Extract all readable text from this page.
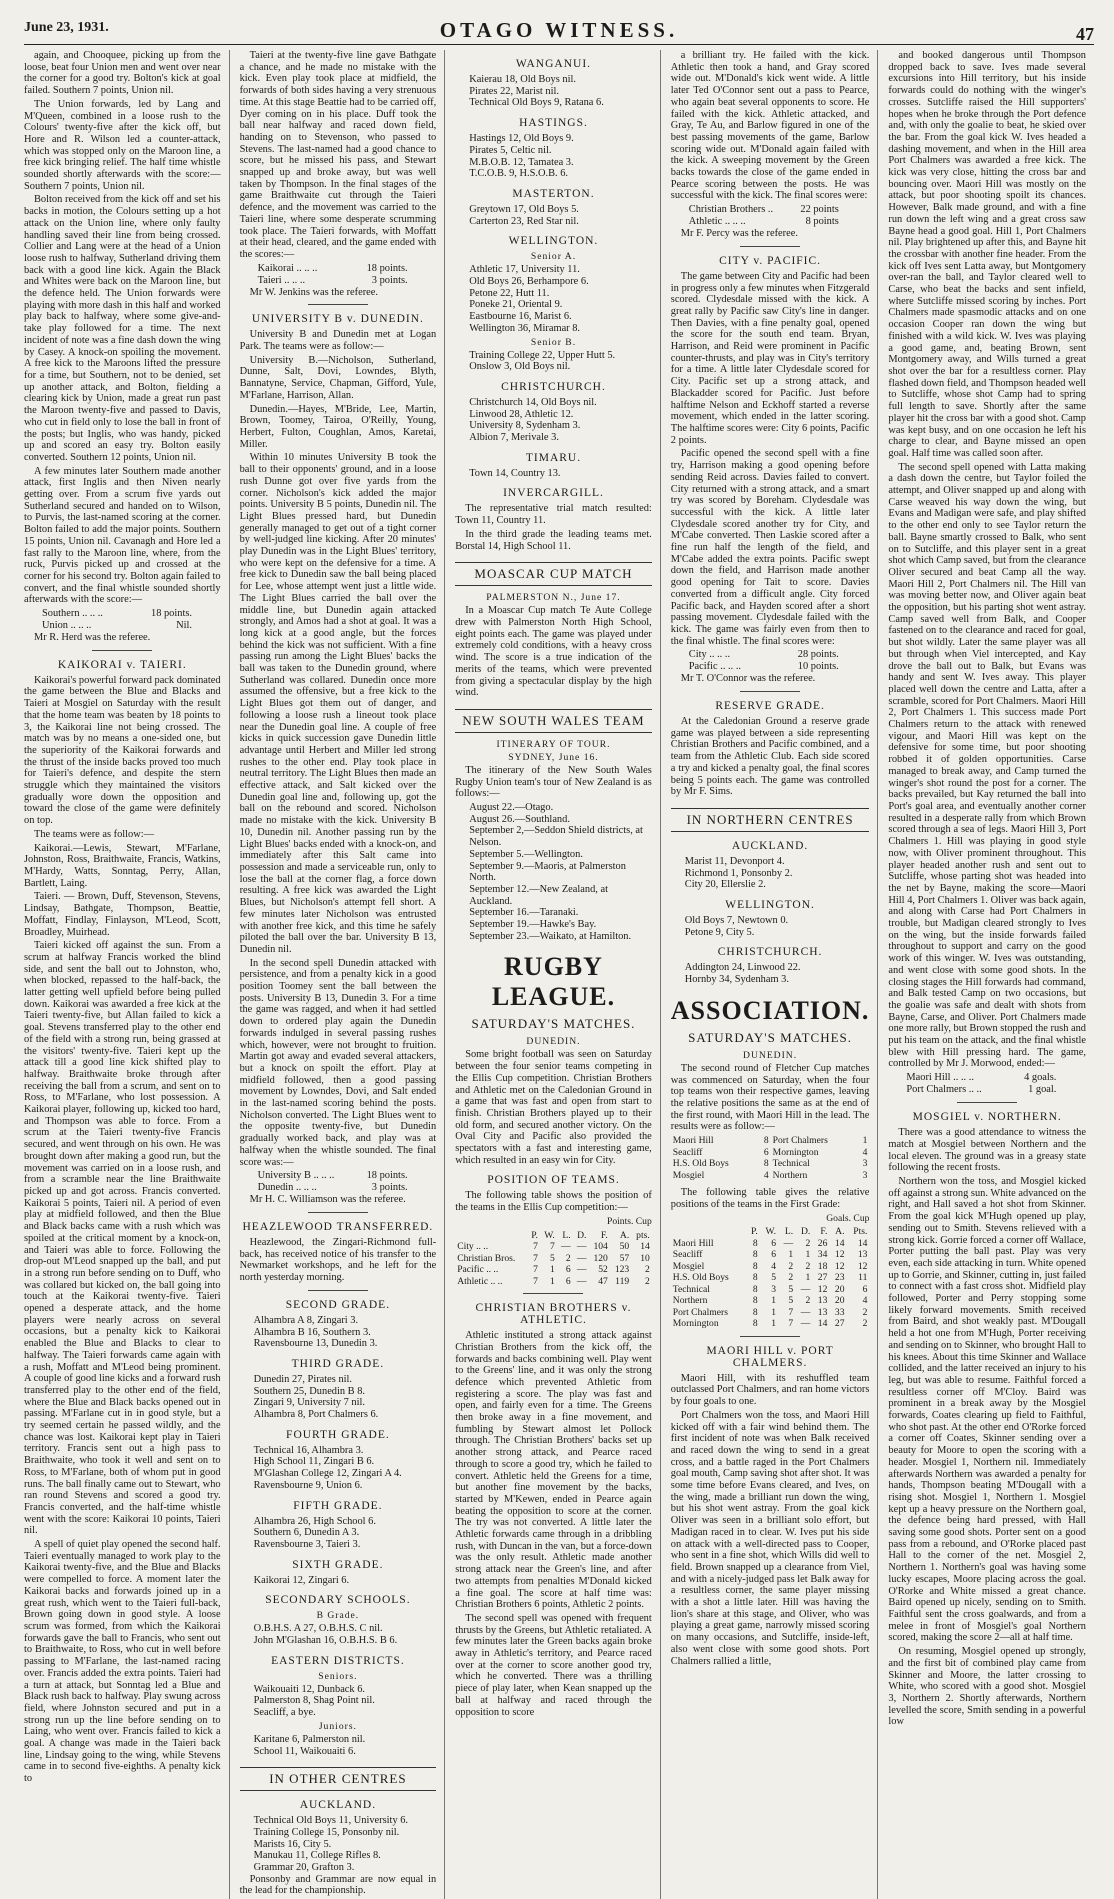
June 23, 1931.	OTAGO WITNESS.	47

again, and Chooquee, picking up from the loose, beat four Union men and went over near the corner for a good try. Bolton's kick at goal failed. Southern 7 points, Union nil.

The Union forwards, led by Lang and M'Queen, combined in a loose rush to the Colours' twenty-five after the kick off, but Hore and R. Wilson led a counter-attack, which was stopped only on the Maroon line, a free kick bringing relief. The half time whistle sounded shortly afterwards with the score:—Southern 7 points, Union nil.

Bolton received from the kick off and set his backs in motion, the Colours setting up a hot attack on the Union line, where only faulty handling saved their line from being crossed. Collier and Lang were at the head of a Union loose rush to halfway, Sutherland driving them back with a good line kick. Again the Black and Whites were back on the Maroon line, but the defence held. The Union forwards were playing with more dash in this half and worked play back to halfway, where some give-and-take play followed for a time. The next incident of note was a fine dash down the wing by Casey. A knock-on spoiling the movement. A free kick to the Maroons lifted the pressure for a time, but Southern, not to be denied, set up another attack, and Bolton, fielding a clearing kick by Union, made a great run past the Maroon twenty-five and passed to Davis, who cut in field only to lose the ball in front of the posts; but Inglis, who was handy, picked up and scored an easy try. Bolton easily converted. Southern 12 points, Union nil.

A few minutes later Southern made another attack, first Inglis and then Niven nearly getting over. From a scrum five yards out Sutherland secured and handed on to Wilson, to Purvis, the last-named scoring at the corner. Bolton failed to add the major points. Southern 15 points, Union nil. Cavanagh and Hore led a fast rally to the Maroon line, where, from the ruck, Purvis picked up and crossed at the corner for his second try. Bolton again failed to convert, and the final whistle sounded shortly afterwards with the score:—

Southern .. .. ..	18 points.
Union .. .. ..	Nil.

Mr R. Herd was the referee.

KAIKORAI v. TAIERI.

Kaikorai's powerful forward pack dominated the game between the Blue and Blacks and Taieri at Mosgiel on Saturday with the result that the home team was beaten by 18 points to 3, the Kaikorai line not being crossed. The match was by no means a one-sided one, but the superiority of the Kaikorai forwards and the thrust of the inside backs proved too much for Taieri's defence, and despite the stern struggle which they maintained the visitors gradually wore down the opposition and toward the close of the game were definitely on top.

The teams were as follow:—

Kaikorai.—Lewis, Stewart, M'Farlane, Johnston, Ross, Braithwaite, Francis, Watkins, M'Hardy, Watts, Sonntag, Perry, Allan, Bartlett, Laing.

Taieri. — Brown, Duff, Stevenson, Stevens, Lindsay, Bathgate, Thompson, Beattie, Moffatt, Findlay, Finlayson, M'Leod, Scott, Broadley, Muirhead.

Taieri kicked off against the sun. From a scrum at halfway Francis worked the blind side, and sent the ball out to Johnston, who, when blocked, repassed to the half-back, the latter getting well upfield before being pulled down. Kaikorai was awarded a free kick at the Taieri twenty-five, but Allan failed to kick a goal. Stevens transferred play to the other end of the field with a strong run, being grassed at the visitors' twenty-five. Taieri kept up the attack till a good line kick shifted play to halfway. Braithwaite broke through after receiving the ball from a scrum, and sent on to Ross, to M'Farlane, who lost possession. A Kaikorai player, following up, kicked too hard, and Thompson was able to force. From a scrum at the Taieri twenty-five Francis secured, and went through on his own. He was brought down after making a good run, but the movement was carried on in a loose rush, and from a scramble near the line Braithwaite picked up and got across. Francis converted. Kaikorai 5 points, Taieri nil. A period of even play at midfield followed, and then the Blue and Black backs came with a rush which was spoiled at the critical moment by a knock-on, and Taieri was able to force. Following the drop-out M'Leod snapped up the ball, and put in a strong run before sending on to Duff, who was collared but kicked on, the ball going into touch at the Kaikorai twenty-five. Taieri opened a desperate attack, and the home players were nearly across on several occasions, but a penalty kick to Kaikorai enabled the Blue and Blacks to clear to halfway. The Taieri forwards came again with a rush, Moffatt and M'Leod being prominent. A couple of good line kicks and a forward rush transferred play to the other end of the field, where the Blue and Black backs opened out in passing. M'Farlane cut in in good style, but a try seemed certain he passed wildly, and the chance was lost. Kaikorai kept play in Taieri territory. Francis sent out a high pass to Braithwaite, who took it well and sent on to Ross, to M'Farlane, both of whom put in good runs. The ball finally came out to Stewart, who ran round Stevens and scored a good try. Francis converted, and the half-time whistle went with the score: Kaikorai 10 points, Taieri nil.

A spell of quiet play opened the second half. Taieri eventually managed to work play to the Kaikorai twenty-five, and the Blue and Blacks were compelled to force. A moment later the Kaikorai backs and forwards joined up in a great rush, which went to the Taieri full-back, Brown going down in good style. A loose scrum was formed, from which the Kaikorai forwards gave the ball to Francis, who sent out to Braithwaite, to Ross, who cut in well before passing to M'Farlane, the last-named racing over. Francis added the extra points. Taieri had a turn at attack, but Sonntag led a Blue and Black rush back to halfway. Play swung across field, where Johnston secured and put in a strong run up the line before sending on to Laing, who went over. Francis failed to kick a goal. A change was made in the Taieri back line, Lindsay going to the wing, while Stevens came in to second five-eighths. A penalty kick to

Taieri at the twenty-five line gave Bathgate a chance, and he made no mistake with the kick. Even play took place at midfield, the forwards of both sides having a very strenuous time. At this stage Beattie had to be carried off, Dyer coming on in his place. Duff took the ball near halfway and raced down field, handing on to Stevenson, who passed to Stevens. The last-named had a good chance to score, but he missed his pass, and Stewart snapped up and broke away, but was well taken by Thompson. In the final stages of the game Braithwaite cut through the Taieri defence, and the movement was carried to the Taieri line, where some desperate scrumming took place. The Taieri forwards, with Moffatt at their head, cleared, and the game ended with the scores:—

Kaikorai .. .. ..	18 points.
Taieri .. .. ..	3 points.

Mr W. Jenkins was the referee.

UNIVERSITY B v. DUNEDIN.

University B and Dunedin met at Logan Park. The teams were as follow:—

University B.—Nicholson, Sutherland, Dunne, Salt, Dovi, Lowndes, Blyth, Bannatyne, Service, Chapman, Gifford, Yule, M'Farlane, Harrison, Allan.

Dunedin.—Hayes, M'Bride, Lee, Martin, Brown, Toomey, Tairoa, O'Reilly, Young, Herbert, Fulton, Coughlan, Amos, Karetai, Miller.

Within 10 minutes University B took the ball to their opponents' ground, and in a loose rush Dunne got over five yards from the corner. Nicholson's kick added the major points. University B 5 points, Dunedin nil. The Light Blues pressed hard, but Dunedin generally managed to get out of a tight corner by well-judged line kicking. After 20 minutes' play Dunedin was in the Light Blues' territory, who were kept on the defensive for a time. A free kick to Dunedin saw the ball being placed for Lee, whose attempt went just a little wide. The Light Blues carried the ball over the middle line, but Dunedin again attacked strongly, and Amos had a shot at goal. It was a long kick at a good angle, but the forces behind the kick was not sufficient. With a fine passing run among the Light Blues' backs the ball was taken to the Dunedin ground, where Sutherland was collared. Dunedin once more assumed the offensive, but a free kick to the Light Blues got them out of danger, and following a loose rush a lineout took place near the Dunedin goal line. A couple of free kicks in quick succession gave Dunedin little advantage until Herbert and Miller led strong rushes to the other end. Play took place in neutral territory. The Light Blues then made an effective attack, and Salt kicked over the Dunedin goal line and, following up, got the ball on the rebound and scored. Nicholson made no mistake with the kick. University B 10, Dunedin nil. Another passing run by the Light Blues' backs ended with a knock-on, and immediately after this Salt came into possession and made a serviceable run, only to lose the ball at the corner flag, a force down resulting. A free kick was awarded the Light Blues, but Nicholson's attempt fell short. A few minutes later Nicholson was entrusted with another free kick, and this time he safely piloted the ball over the bar. University B 13, Dunedin nil.

In the second spell Dunedin attacked with persistence, and from a penalty kick in a good position Toomey sent the ball between the posts. University B 13, Dunedin 3. For a time the game was ragged, and when it had settled down to ordered play again the Dunedin forwards indulged in several passing rushes which, however, were not brought to fruition. Martin got away and evaded several attackers, but a knock on spoilt the effort. Play at midfield followed, then a good passing movement by Lowndes, Dovi, and Salt ended in the last-named scoring behind the posts. Nicholson converted. The Light Blues went to the opposite twenty-five, but Dunedin gradually worked back, and play was at halfway when the whistle sounded. The final score was:—

University B .. .. ..	18 points.
Dunedin .. .. ..	3 points.

Mr H. C. Williamson was the referee.

HEAZLEWOOD TRANSFERRED.

Heazlewood, the Zingari-Richmond full-back, has received notice of his transfer to the Newmarket workshops, and he left for the north yesterday morning.

SECOND GRADE.
Alhambra A 8, Zingari 3.
Alhambra B 16, Southern 3.
Ravensbourne 13, Dunedin 3.
THIRD GRADE.
Dunedin 27, Pirates nil.
Southern 25, Dunedin B 8.
Zingari 9, University 7 nil.
Alhambra 8, Port Chalmers 6.
FOURTH GRADE.
Technical 16, Alhambra 3.
High School 11, Zingari B 6.
M'Glashan College 12, Zingari A 4.
Ravensbourne 9, Union 6.
FIFTH GRADE.
Alhambra 26, High School 6.
Southern 6, Dunedin A 3.
Ravensbourne 3, Taieri 3.
SIXTH GRADE.
Kaikorai 12, Zingari 6.
SECONDARY SCHOOLS.
B Grade.
O.B.H.S. A 27, O.B.H.S. C nil.
John M'Glashan 16, O.B.H.S. B 6.
EASTERN DISTRICTS.
Seniors.
Waikouaiti 12, Dunback 6.
Palmerston 8, Shag Point nil.
Seacliff, a bye.
Juniors.
Karitane 6, Palmerston nil.
School 11, Waikouaiti 6.
IN OTHER CENTRES
AUCKLAND.
Technical Old Boys 11, University 6.
Training College 15, Ponsonby nil.
Marists 16, City 5.
Manukau 11, College Rifles 8.
Grammar 20, Grafton 3.

Ponsonby and Grammar are now equal in the lead for the championship.

WANGANUI.
Kaierau 18, Old Boys nil.
Pirates 22, Marist nil.
Technical Old Boys 9, Ratana 6.
HASTINGS.
Hastings 12, Old Boys 9.
Pirates 5, Celtic nil.
M.B.O.B. 12, Tamatea 3.
T.C.O.B. 9, H.S.O.B. 6.
MASTERTON.
Greytown 17, Old Boys 5.
Carterton 23, Red Star nil.
WELLINGTON.
Senior A.
Athletic 17, University 11.
Old Boys 26, Berhampore 6.
Petone 22, Hutt 11.
Poneke 21, Oriental 9.
Eastbourne 16, Marist 6.
Wellington 36, Miramar 8.
Senior B.
Training College 22, Upper Hutt 5.
Onslow 3, Old Boys nil.
CHRISTCHURCH.
Christchurch 14, Old Boys nil.
Linwood 28, Athletic 12.
University 8, Sydenham 3.
Albion 7, Merivale 3.
TIMARU.
Town 14, Country 13.
INVERCARGILL.

The representative trial match resulted: Town 11, Country 11.

In the third grade the leading teams met. Borstal 14, High School 11.

MOASCAR CUP MATCH
PALMERSTON N., June 17.

In a Moascar Cup match Te Aute College drew with Palmerston North High School, eight points each. The game was played under extremely cold conditions, with a heavy cross wind. The score is a true indication of the merits of the teams, which were prevented from giving a spectacular display by the high wind.

NEW SOUTH WALES TEAM
ITINERARY OF TOUR.
SYDNEY, June 16.

The itinerary of the New South Wales Rugby Union team's tour of New Zealand is as follows:—

August 22.—Otago.
August 26.—Southland.
September 2,—Seddon Shield districts, at Nelson.
September 5.—Wellington.
September 9.—Maoris, at Palmerston North.
September 12.—New Zealand, at Auckland.
September 16.—Taranaki.
September 19.—Hawke's Bay.
September 23.—Waikato, at Hamilton.
RUGBY LEAGUE.
SATURDAY'S MATCHES.
DUNEDIN.

Some bright football was seen on Saturday between the four senior teams competing in the Ellis Cup competition. Christian Brothers and Athletic met on the Caledonian Ground in a game that was fast and open from start to finish. Christian Brothers played up to their old form, and secured another victory. On the Oval City and Pacific also provided the spectators with a fast and interesting game, which resulted in an easy win for City.

POSITION OF TEAMS.

The following table shows the position of the teams in the Ellis Cup competition:—

Points. Cup
	P.	W.	L.	D.	F.	A.	pts.
City .. ..	7	7	—	—	104	50	14
Christian Bros.	7	5	2	—	120	57	10
Pacific .. ..	7	1	6	—	52	123	2
Athletic .. ..	7	1	6	—	47	119	2
CHRISTIAN BROTHERS v. ATHLETIC.

Athletic instituted a strong attack against Christian Brothers from the kick off, the forwards and backs combining well. Play went to the Greens' line, and it was only the strong defence which prevented Athletic from registering a score. The play was fast and open, and fairly even for a time. The Greens then broke away in a fine movement, and fumbling by Stewart almost let Pollock through. The Christian Brothers' backs set up another strong attack, and Pearce raced through to score a good try, which he failed to convert. Athletic held the Greens for a time, but another fine movement by the backs, started by M'Kewen, ended in Pearce again beating the opposition to score at the corner. The try was not converted. A little later the Athletic forwards came through in a dribbling rush, with Duncan in the van, but a force-down was the only result. Athletic made another strong attack near the Green's line, and after two attempts from penalties M'Donald kicked a fine goal. The score at half time was: Christian Brothers 6 points, Athletic 2 points.

The second spell was opened with frequent thrusts by the Greens, but Athletic retaliated. A few minutes later the Green backs again broke away in Athletic's territory, and Pearce raced over at the corner to score another good try, which he converted. There was a thrilling piece of play later, when Kean snapped up the ball at halfway and raced through the opposition to score

a brilliant try. He failed with the kick. Athletic then took a hand, and Gray scored wide out. M'Donald's kick went wide. A little later Ted O'Connor sent out a pass to Pearce, who again beat several opponents to score. He failed with the kick. Athletic attacked, and Gray, Te Au, and Barlow figured in one of the best passing movements of the game, Barlow scoring wide out. M'Donald again failed with the kick. A sweeping movement by the Green backs towards the close of the game ended in Pearce scoring between the posts. He was successful with the kick. The final scores were:

Christian Brothers ..	22 points
Athletic .. .. ..	8 points

Mr F. Percy was the referee.

CITY v. PACIFIC.

The game between City and Pacific had been in progress only a few minutes when Fitzgerald scored. Clydesdale missed with the kick. A great rally by Pacific saw City's line in danger. Then Davies, with a fine penalty goal, opened the score for the south end team. Bryan, Harrison, and Reid were prominent in Pacific counter-thrusts, and play was in City's territory for a time. A little later Clydesdale scored for City. Pacific set up a strong attack, and Blackadder scored for Pacific. Just before halftime Nelson and Eckhoff started a reverse movement, which ended in the latter scoring. The halftime scores were: City 6 points, Pacific 2 points.

Pacific opened the second spell with a fine try, Harrison making a good opening before sending Reid across. Davies failed to convert. City returned with a strong attack, and a smart try was scored by Boreham. Clydesdale was successful with the kick. A little later Clydesdale scored another try for City, and M'Cabe converted. Then Laskie scored after a fine run half the length of the field, and M'Cabe added the extra points. Pacific swept down the field, and Harrison made another good opening for Tait to score. Davies converted from a difficult angle. City forced Pacific back, and Hayden scored after a short passing movement. Clydesdale failed with the kick. The game was fairly even from then to the final whistle. The final scores were:

City .. .. ..	28 points.
Pacific .. .. ..	10 points.

Mr T. O'Connor was the referee.

RESERVE GRADE.

At the Caledonian Ground a reserve grade game was played between a side representing Christian Brothers and Pacific combined, and a team from the Athletic Club. Each side scored a try and kicked a penalty goal, the final scores being 5 points each. The game was controlled by Mr F. Sims.

IN NORTHERN CENTRES
AUCKLAND.
Marist 11, Devonport 4.
Richmond 1, Ponsonby 2.
City 20, Ellerslie 2.
WELLINGTON.
Old Boys 7, Newtown 0.
Petone 9, City 5.
CHRISTCHURCH.
Addington 24, Linwood 22.
Hornby 34, Sydenham 3.
ASSOCIATION.
SATURDAY'S MATCHES.
DUNEDIN.

The second round of Fletcher Cup matches was commenced on Saturday, when the four top teams won their respective games, leaving the relative positions the same as at the end of the first round, with Maori Hill in the lead. The results were as follow:—

Maori Hill	8	Port Chalmers	1
Seacliff	6	Mornington	4
H.S. Old Boys	8	Technical	3
Mosgiel	4	Northern	3

The following table gives the relative positions of the teams in the First Grade:

Goals. Cup
	P.	W.	L.	D.	F.	A.	Pts.
Maori Hill	8	6	—	2	26	14	14
Seacliff	8	6	1	1	34	12	13
Mosgiel	8	4	2	2	18	12	12
H.S. Old Boys	8	5	2	1	27	23	11
Technical	8	3	5	—	12	20	6
Northern	8	1	5	2	13	20	4
Port Chalmers	8	1	7	—	13	33	2
Mornington	8	1	7	—	14	27	2
MAORI HILL v. PORT CHALMERS.

Maori Hill, with its reshuffled team outclassed Port Chalmers, and ran home victors by four goals to one.

Port Chalmers won the toss, and Maori Hill kicked off with a fair wind behind them. The first incident of note was when Balk received and raced down the wing to send in a great cross, and a battle raged in the Port Chalmers goal mouth, Camp saving shot after shot. It was some time before Evans cleared, and Ives, on the wing, made a brilliant run down the wing, but his shot went astray. From the goal kick Oliver was seen in a brilliant solo effort, but Madigan raced in to clear. W. Ives put his side on attack with a well-directed pass to Cooper, who sent in a fine shot, which Wills did well to field. Brown snapped up a clearance from Viel, and with a nicely-judged pass let Balk away for a resultless corner, the same player missing with a shot a little later. Hill was having the lion's share at this stage, and Oliver, who was playing a great game, narrowly missed scoring on many occasions, and Sutcliffe, inside-left, also went close with some good shots. Port Chalmers rallied a little,

and booked dangerous until Thompson dropped back to save. Ives made several excursions into Hill territory, but his inside forwards could do nothing with the winger's crosses. Sutcliffe raised the Hill supporters' hopes when he broke through the Port defence and, with only the goalie to beat, he skied over the bar. From the goal kick W. Ives headed a dashing movement, and when in the Hill area Port Chalmers was awarded a free kick. The kick was very close, hitting the cross bar and bouncing over. Maori Hill was mostly on the attack, but poor shooting spoilt its chances. However, Balk made ground, and with a fine run down the left wing and a great cross saw Bayne head a good goal. Hill 1, Port Chalmers nil. Play brightened up after this, and Bayne hit the crossbar with another fine header. From the kick off Ives sent Latta away, but Montgomery over-ran the ball, and Taylor cleared well to Carse, who beat the backs and sent infield, where Sutcliffe missed scoring by inches. Port Chalmers made spasmodic attacks and on one occasion Cooper ran down the wing but finished with a wild kick. W. Ives was playing a good game, and, beating Brown, sent Montgomery away, and Wills turned a great shot over the bar for a resultless corner. Play flashed down field, and Thompson headed well to Sutcliffe, whose shot Camp had to spring full length to save. Shortly after the same player hit the cross bar with a good shot. Camp was kept busy, and on one occasion he left his charge to clear, and Bayne missed an open goal. Half time was called soon after.

The second spell opened with Latta making a dash down the centre, but Taylor foiled the attempt, and Oliver snapped up and along with Carse weaved his way down the wing, but Evans and Madigan were safe, and play shifted to the other end only to see Taylor return the ball. Bayne smartly crossed to Balk, who sent on to Sutcliffe, and this player sent in a great shot which Camp saved, but from the clearance Oliver secured and beat Camp all the way. Maori Hill 2, Port Chalmers nil. The Hill van was moving better now, and Oliver again beat the opposition, but his parting shot went astray. Camp saved well from Balk, and Cooper fastened on to the clearance and raced for goal, but shot wildly. Later the same player was all but through when Viel intercepted, and Kay drove the ball out to Balk, but Evans was handy and sent W. Ives away. This player placed well down the centre and Latta, after a scramble, scored for Port Chalmers. Maori Hill 2, Port Chalmers 1. This success made Port Chalmers return to the attack with renewed vigour, and Maori Hill was kept on the defensive for some time, but poor shooting robbed it of golden opportunities. Carse managed to break away, and Camp turned the winger's shot round the post for a corner. The backs prevailed, but Kay returned the ball into Port's goal area, and eventually another corner resulted in a desperate rally from which Brown scored through a sea of legs. Maori Hill 3, Port Chalmers 1. Hill was playing in good style now, with Oliver prominent throughout. This player headed another rush and sent out to Sutcliffe, whose parting shot was headed into the net by Bayne, making the score—Maori Hill 4, Port Chalmers 1. Oliver was back again, and along with Carse had Port Chalmers in trouble, but Madigan cleared strongly to Ives on the wing, but the inside forwards failed throughout to support and carry on the good work of this winger. W. Ives was outstanding, and went close with some good shots. In the closing stages the Hill forwards had command, and Balk tested Camp on two occasions, but the goalie was safe and dealt with shots from Bayne, Carse, and Oliver. Port Chalmers made one more rally, but Brown stopped the rush and put his team on the attack, and the final whistle blew with Hill pressing hard. The game, controlled by Mr J. Morwood, ended:—

Maori Hill .. .. ..	4 goals.
Port Chalmers .. ..	1 goal.
MOSGIEL v. NORTHERN.

There was a good attendance to witness the match at Mosgiel between Northern and the local eleven. The ground was in a greasy state following the recent frosts.

Northern won the toss, and Mosgiel kicked off against a strong sun. White advanced on the right, and Hall saved a hot shot from Skinner. From the goal kick M'Hugh opened up play, sending out to Smith. Stevens relieved with a strong kick. Gorrie forced a corner off Wallace, Porter putting the ball past. Play was very even, each side attacking in turn. White opened up to Gorrie, and Skinner, cutting in, just failed to connect with a fast cross shot. Midfield play followed, Porter and Perry stopping some likely forward movements. Smith received from Baird, and shot weakly past. M'Dougall held a hot one from M'Hugh, Porter receiving and sending on to Skinner, who brought Hall to his knees. About this time Skinner and Wallace collided, and the latter received an injury to his leg, but was able to resume. Faithful forced a resultless corner off M'Cloy. Baird was prominent in a break away by the Mosgiel forwards, Coates clearing up field to Faithful, who shot past. At the other end O'Rorke forced a corner off Coates, Skinner sending over a beauty for Moore to open the scoring with a header. Mosgiel 1, Northern nil. Immediately afterwards Northern was awarded a penalty for hands, Thompson beating M'Dougall with a rising shot. Mosgiel 1, Northern 1. Mosgiel kept up a heavy pressure on the Northern goal, the defence being hard pressed, with Hall saving some good shots. Porter sent on a good pass from a rebound, and O'Rorke placed past Hall to the corner of the net. Mosgiel 2, Northern 1. Northern's goal was having some lucky escapes, Moore placing across the goal. O'Rorke and White missed a great chance. Baird opened up nicely, sending on to Smith. Faithful sent the cross goalwards, and from a melee in front of Mosgiel's goal Northern scored, making the score 2—all at half time.

On resuming, Mosgiel opened up strongly, and the first bit of combined play came from Skinner and Moore, the latter crossing to White, who scored with a good shot. Mosgiel 3, Northern 2. Shortly afterwards, Northern levelled the score, Smith sending in a powerful low
